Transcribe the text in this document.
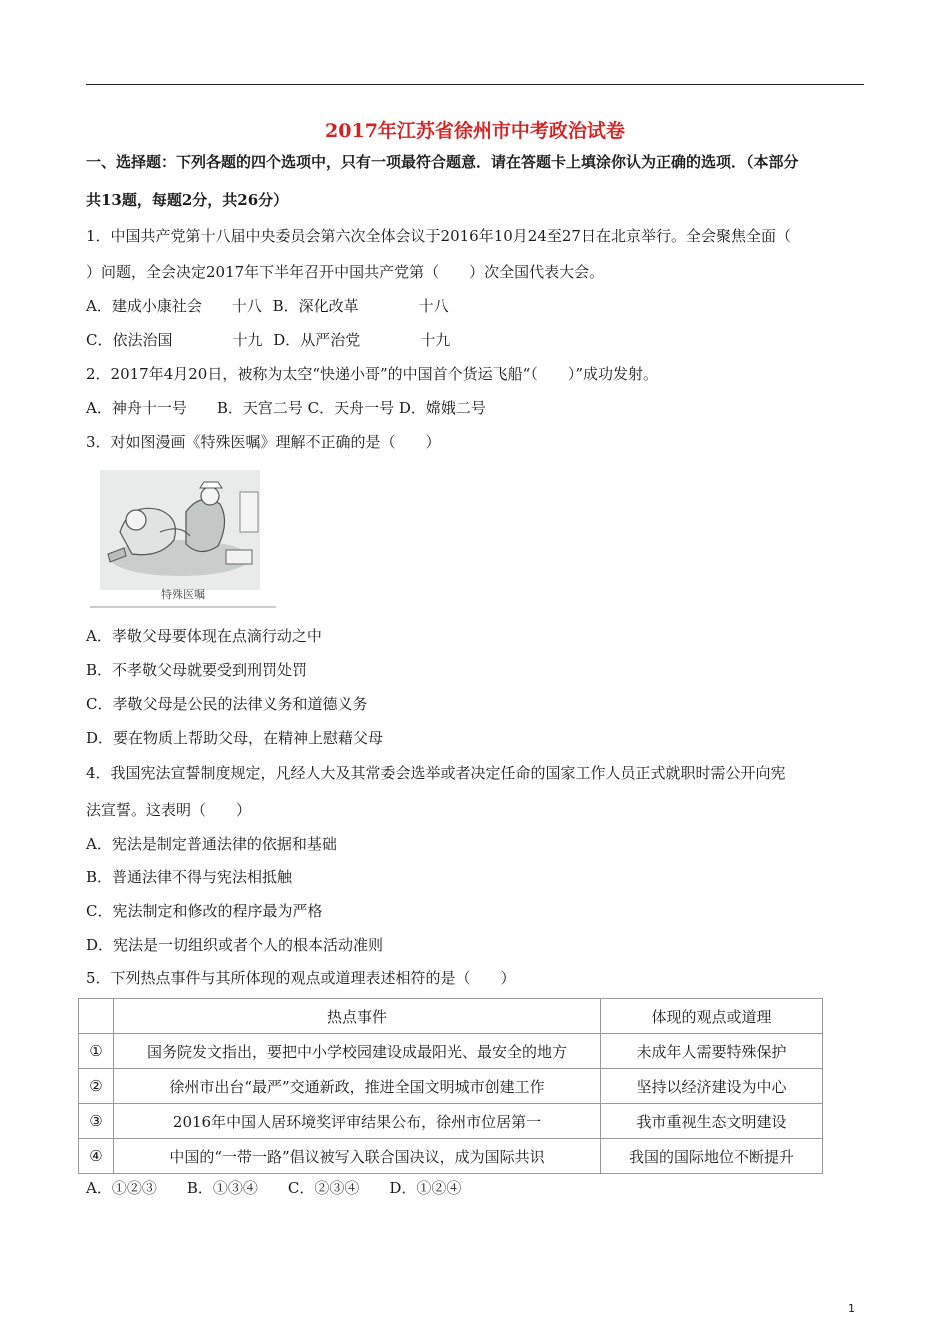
2017年江苏省徐州市中考政治试卷
一、选择题：下列各题的四个选项中，只有一项最符合题意．请在答题卡上填涂你认为正确的选项．（本部分
共13题，每题2分，共26分）
1．中国共产党第十八届中央委员会第六次全体会议于2016年10月24至27日在北京举行。全会聚焦全面（
）问题，全会决定2017年下半年召开中国共产党第（　　）次全国代表大会。
A．建成小康社会　　十八 B．深化改革　　　　十八
C．依法治国　　　　十九 D．从严治党　　　　十九
2．2017年4月20日，被称为太空“快递小哥”的中国首个货运飞船“（　　）”成功发射。
A．神舟十一号　　B．天宫二号 C．天舟一号 D．嫦娥二号
3．对如图漫画《特殊医嘱》理解不正确的是（　　）
特殊医嘱
A．孝敬父母要体现在点滴行动之中
B．不孝敬父母就要受到刑罚处罚
C．孝敬父母是公民的法律义务和道德义务
D．要在物质上帮助父母，在精神上慰藉父母
4．我国宪法宣誓制度规定，凡经人大及其常委会选举或者决定任命的国家工作人员正式就职时需公开向宪
法宣誓。这表明（　　）
A．宪法是制定普通法律的依据和基础
B．普通法律不得与宪法相抵触
C．宪法制定和修改的程序最为严格
D．宪法是一切组织或者个人的根本活动准则
5．下列热点事件与其所体现的观点或道理表述相符的是（　　）
	热点事件	体现的观点或道理
①	国务院发文指出，要把中小学校园建设成最阳光、最安全的地方	未成年人需要特殊保护
②	徐州市出台“最严”交通新政，推进全国文明城市创建工作	坚持以经济建设为中心
③	2016年中国人居环境奖评审结果公布，徐州市位居第一	我市重视生态文明建设
④	中国的“一带一路”倡议被写入联合国决议，成为国际共识	我国的国际地位不断提升
A．①②③　　B．①③④　　C．②③④　　D．①②④
1
